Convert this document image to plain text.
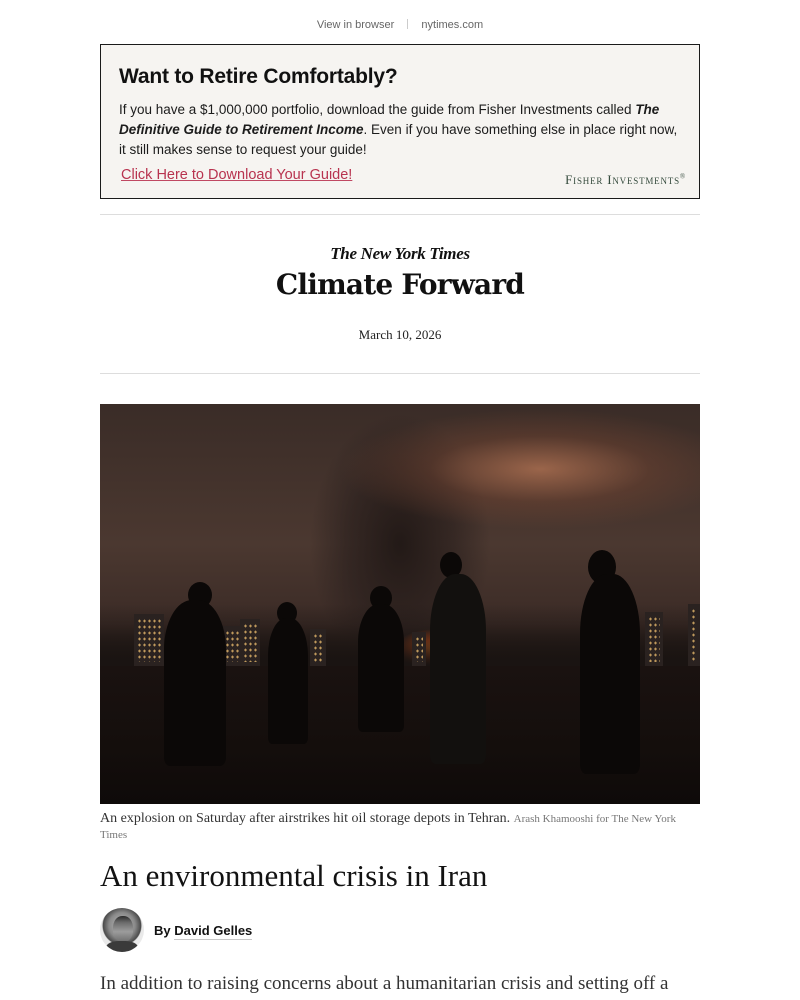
View in browser nytimes.com
Want to Retire Comfortably?
If you have a $1,000,000 portfolio, download the guide from Fisher Investments called The Definitive Guide to Retirement Income. Even if you have something else in place right now, it still makes sense to request your guide!
Click Here to Download Your Guide!	Fisher Investments®
The New York Times
Climate Forward
March 10, 2026
An explosion on Saturday after airstrikes hit oil storage depots in Tehran. Arash Khamooshi for The New York Times
An environmental crisis in Iran
By David Gelles

In addition to raising concerns about a humanitarian crisis and setting off a
